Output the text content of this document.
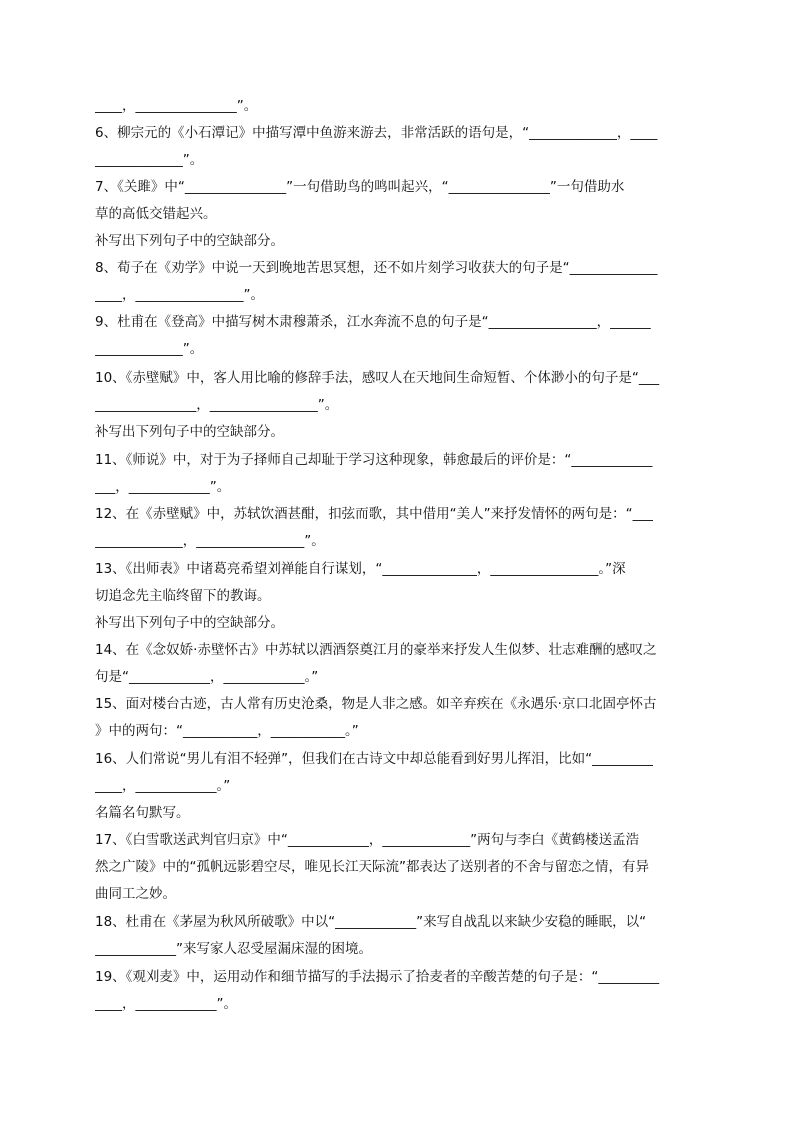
____，_______________”。
6、柳宗元的《小石潭记》中描写潭中鱼游来游去，非常活跃的语句是，“_____________，____
_____________”。
7、《关雎》中“_______________”一句借助鸟的鸣叫起兴，“_______________”一句借助水
草的高低交错起兴。
补写出下列句子中的空缺部分。
8、荀子在《劝学》中说一天到晚地苦思冥想，还不如片刻学习收获大的句子是“_____________
____，________________”。
9、杜甫在《登高》中描写树木肃穆萧杀，江水奔流不息的句子是“________________，______
_____________”。
10、《赤壁赋》中，客人用比喻的修辞手法，感叹人在天地间生命短暂、个体渺小的句子是“___
_______________，________________”。
补写出下列句子中的空缺部分。
11、《师说》中，对于为子择师自己却耻于学习这种现象，韩愈最后的评价是：“____________
___，____________”。
12、在《赤壁赋》中，苏轼饮酒甚酣，扣弦而歌，其中借用“美人”来抒发情怀的两句是：“___
_____________，________________”。
13、《出师表》中诸葛亮希望刘禅能自行谋划，“______________，________________。”深
切追念先主临终留下的教诲。
补写出下列句子中的空缺部分。
14、在《念奴娇·赤壁怀古》中苏轼以洒酒祭奠江月的豪举来抒发人生似梦、壮志难酬的感叹之
句是“____________，____________。”
15、面对楼台古迹，古人常有历史沧桑，物是人非之感。如辛弃疾在《永遇乐·京口北固亭怀古
》中的两句：“___________，___________。”
16、人们常说“男儿有泪不轻弹”，但我们在古诗文中却总能看到好男儿挥泪，比如“_________
____，____________。”
名篇名句默写。
17、《白雪歌送武判官归京》中“____________，_____________”两句与李白《黄鹤楼送孟浩
然之广陵》中的“孤帆远影碧空尽，唯见长江天际流”都表达了送别者的不舍与留恋之情，有异
曲同工之妙。
18、杜甫在《茅屋为秋风所破歌》中以“____________”来写自战乱以来缺少安稳的睡眠，以“
____________”来写家人忍受屋漏床湿的困境。
19、《观刈麦》中，运用动作和细节描写的手法揭示了拾麦者的辛酸苦楚的句子是：“_________
____，____________”。
